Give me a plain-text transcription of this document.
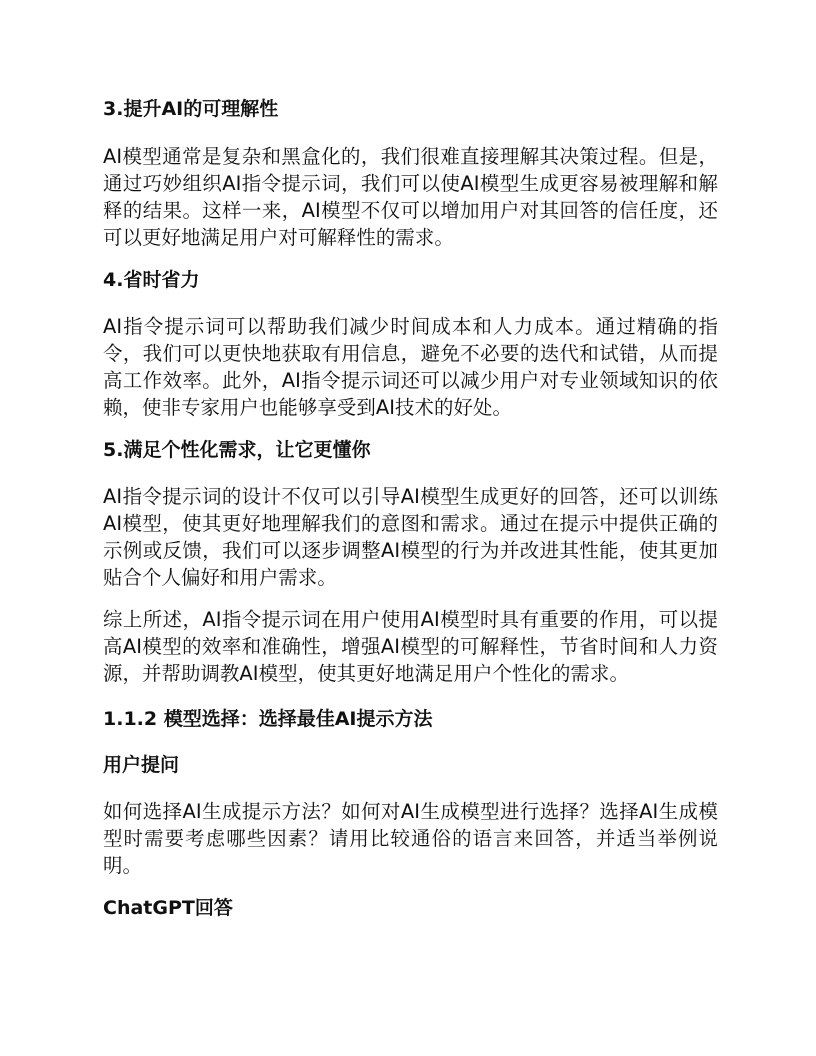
3.提升AI的可理解性

AI模型通常是复杂和黑盒化的，我们很难直接理解其决策过程。但是，通过巧妙组织AI指令提示词，我们可以使AI模型生成更容易被理解和解释的结果。这样一来，AI模型不仅可以增加用户对其回答的信任度，还可以更好地满足用户对可解释性的需求。

4.省时省力

AI指令提示词可以帮助我们减少时间成本和人力成本。通过精确的指令，我们可以更快地获取有用信息，避免不必要的迭代和试错，从而提高工作效率。此外，AI指令提示词还可以减少用户对专业领域知识的依赖，使非专家用户也能够享受到AI技术的好处。

5.满足个性化需求，让它更懂你

AI指令提示词的设计不仅可以引导AI模型生成更好的回答，还可以训练AI模型，使其更好地理解我们的意图和需求。通过在提示中提供正确的示例或反馈，我们可以逐步调整AI模型的行为并改进其性能，使其更加贴合个人偏好和用户需求。

综上所述，AI指令提示词在用户使用AI模型时具有重要的作用，可以提高AI模型的效率和准确性，增强AI模型的可解释性，节省时间和人力资源，并帮助调教AI模型，使其更好地满足用户个性化的需求。

1.1.2 模型选择：选择最佳AI提示方法
用户提问

如何选择AI生成提示方法？如何对AI生成模型进行选择？选择AI生成模型时需要考虑哪些因素？请用比较通俗的语言来回答，并适当举例说明。

ChatGPT回答
